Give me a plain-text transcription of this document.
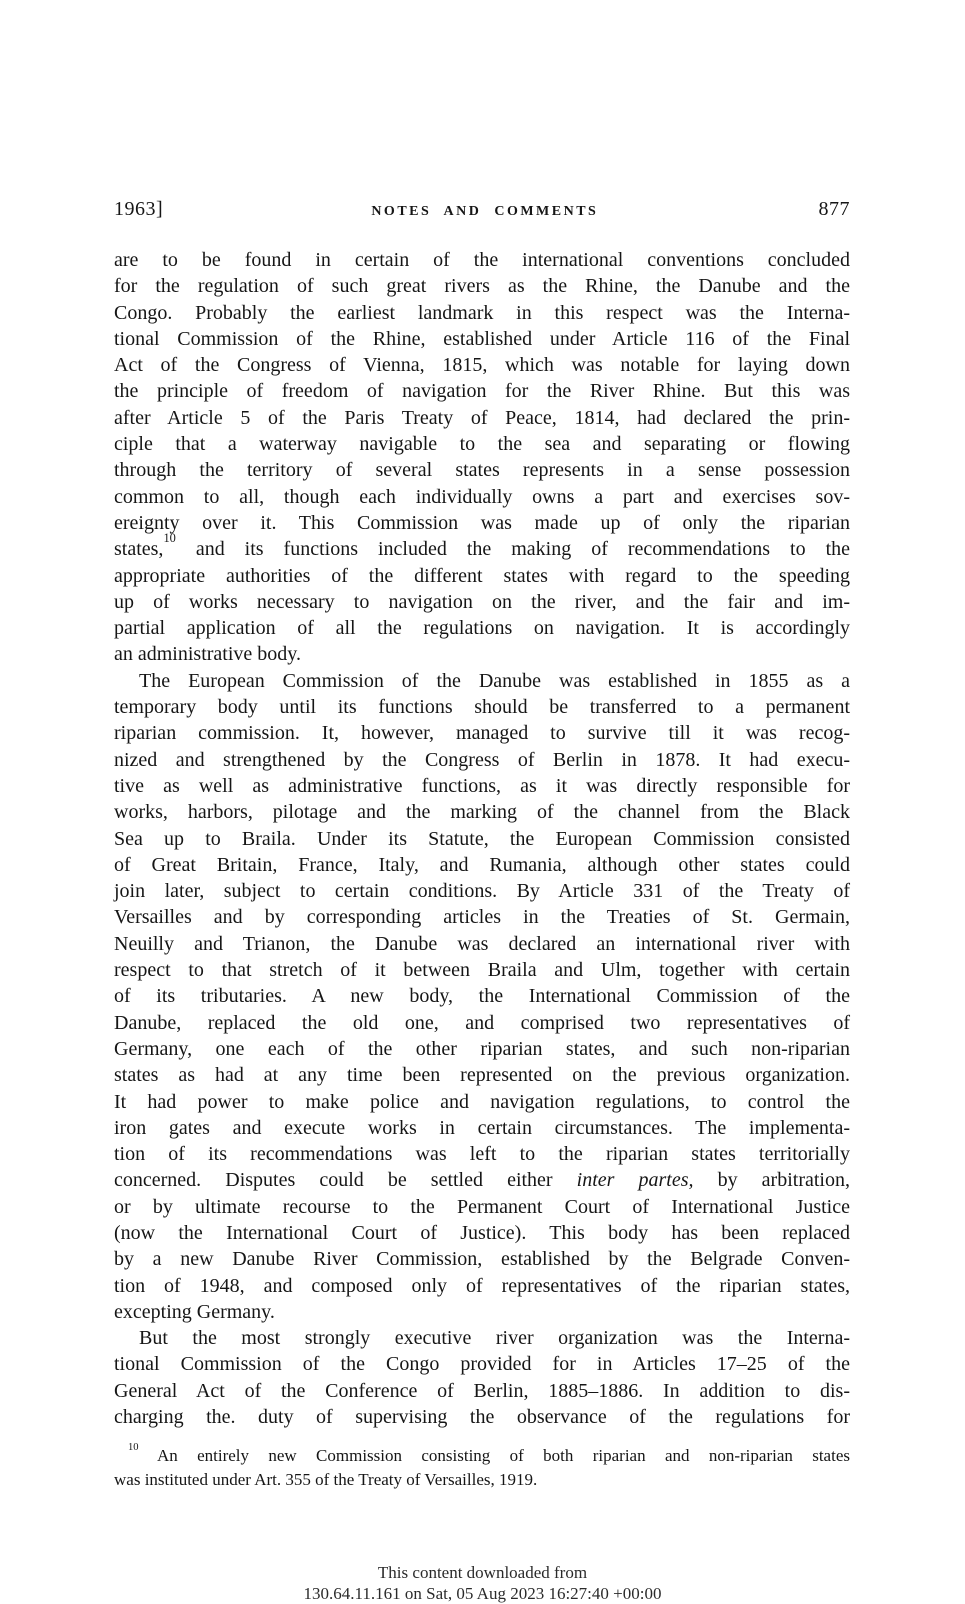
1963]	NOTES AND COMMENTS	877
are to be found in certain of the international conventions concluded
for the regulation of such great rivers as the Rhine, the Danube and the
Congo. Probably the earliest landmark in this respect was the Interna-
tional Commission of the Rhine, established under Article 116 of the Final
Act of the Congress of Vienna, 1815, which was notable for laying down
the principle of freedom of navigation for the River Rhine. But this was
after Article 5 of the Paris Treaty of Peace, 1814, had declared the prin-
ciple that a waterway navigable to the sea and separating or flowing
through the territory of several states represents in a sense possession
common to all, though each individually owns a part and exercises sov-
ereignty over it. This Commission was made up of only the riparian
states,$^{10}$ and its functions included the making of recommendations to the
appropriate authorities of the different states with regard to the speeding
up of works necessary to navigation on the river, and the fair and im-
partial application of all the regulations on navigation. It is accordingly
an administrative body.
The European Commission of the Danube was established in 1855 as a
temporary body until its functions should be transferred to a permanent
riparian commission. It, however, managed to survive till it was recog-
nized and strengthened by the Congress of Berlin in 1878. It had execu-
tive as well as administrative functions, as it was directly responsible for
works, harbors, pilotage and the marking of the channel from the Black
Sea up to Braila. Under its Statute, the European Commission consisted
of Great Britain, France, Italy, and Rumania, although other states could
join later, subject to certain conditions. By Article 331 of the Treaty of
Versailles and by corresponding articles in the Treaties of St. Germain,
Neuilly and Trianon, the Danube was declared an international river with
respect to that stretch of it between Braila and Ulm, together with certain
of its tributaries. A new body, the International Commission of the
Danube, replaced the old one, and comprised two representatives of
Germany, one each of the other riparian states, and such non-riparian
states as had at any time been represented on the previous organization.
It had power to make police and navigation regulations, to control the
iron gates and execute works in certain circumstances. The implementa-
tion of its recommendations was left to the riparian states territorially
concerned. Disputes could be settled either inter partes, by arbitration,
or by ultimate recourse to the Permanent Court of International Justice
(now the International Court of Justice). This body has been replaced
by a new Danube River Commission, established by the Belgrade Conven-
tion of 1948, and composed only of representatives of the riparian states,
excepting Germany.
But the most strongly executive river organization was the Interna-
tional Commission of the Congo provided for in Articles 17–25 of the
General Act of the Conference of Berlin, 1885–1886. In addition to dis-
charging the. duty of supervising the observance of the regulations for
$^{10}$ An entirely new Commission consisting of both riparian and non-riparian states
was instituted under Art. 355 of the Treaty of Versailles, 1919.
This content downloaded from
130.64.11.161 on Sat, 05 Aug 2023 16:27:40 +00:00
